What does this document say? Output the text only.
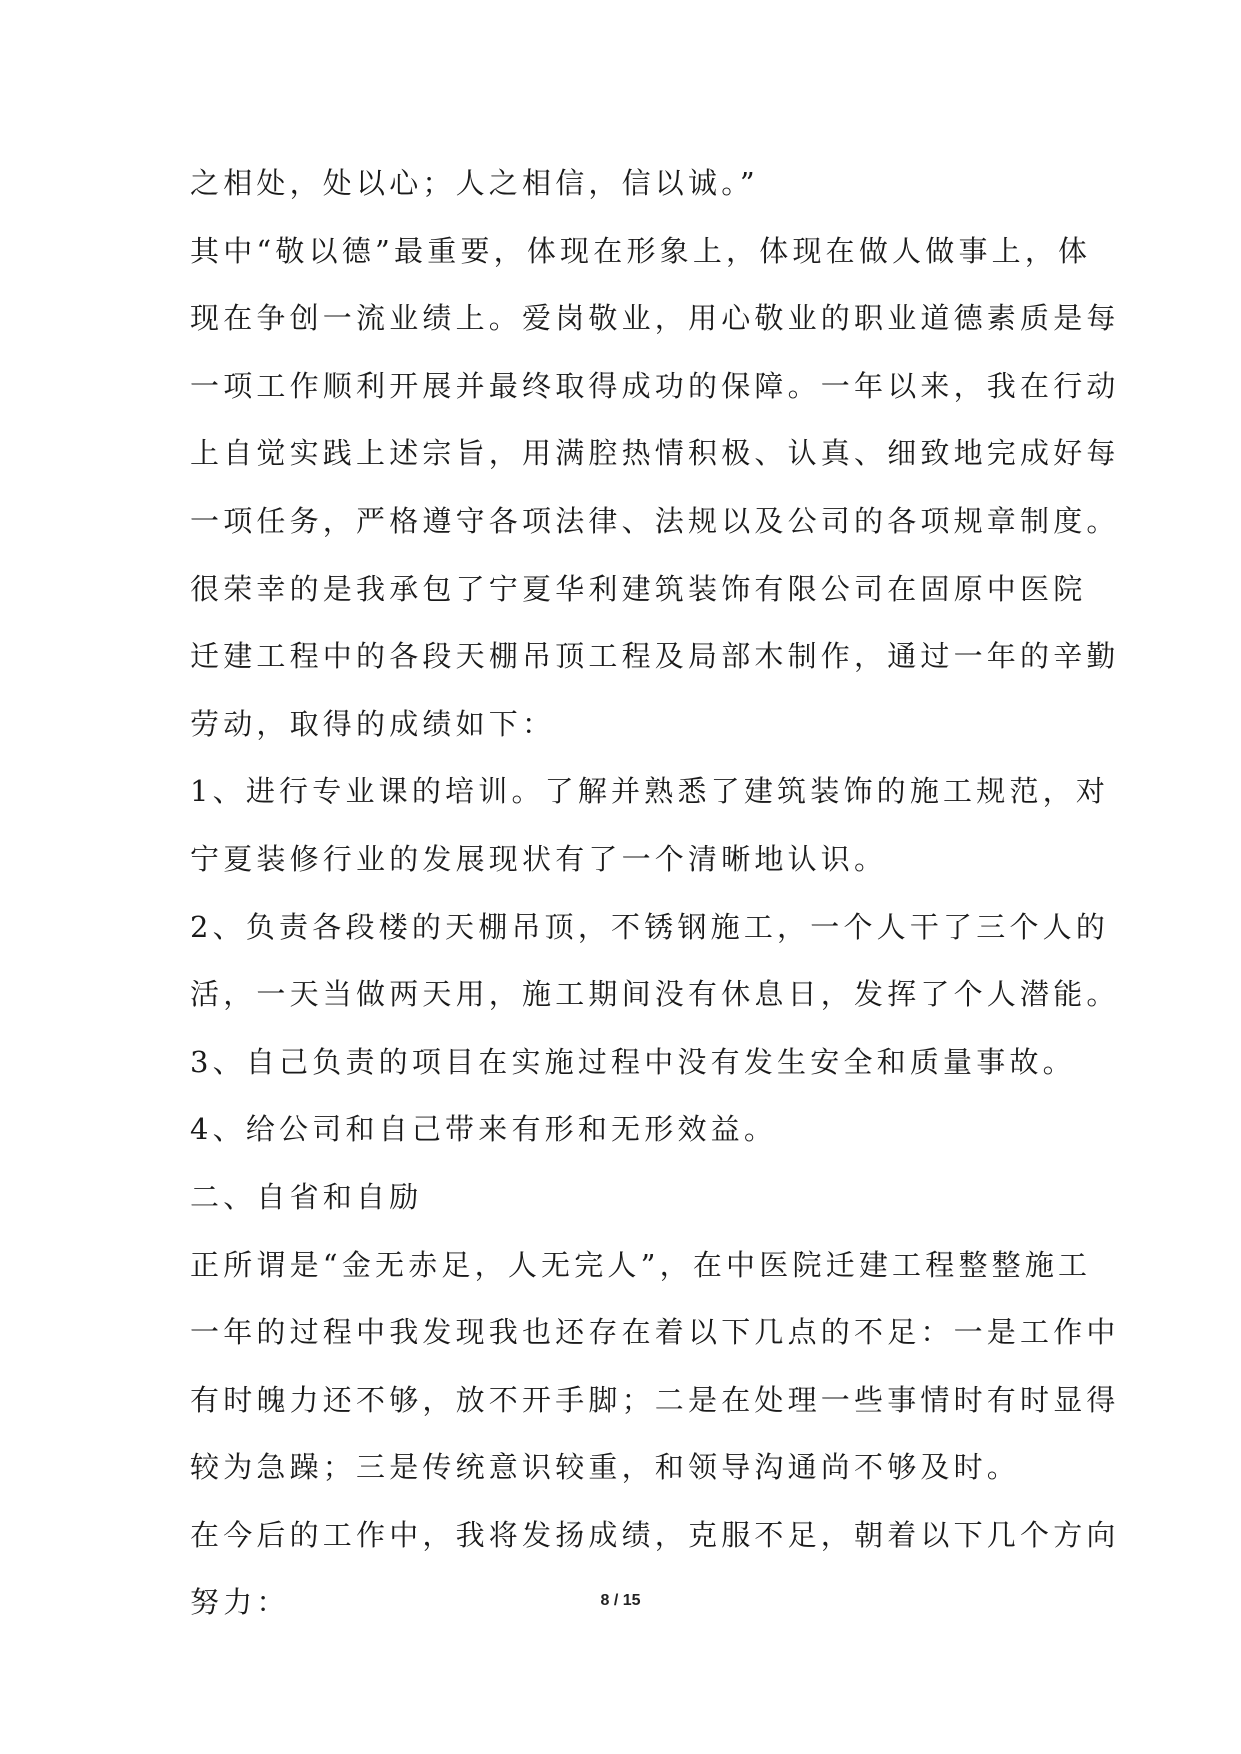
之相处，处以心；人之相信，信以诚。”
其中“敬以德”最重要，体现在形象上，体现在做人做事上，体
现在争创一流业绩上。爱岗敬业，用心敬业的职业道德素质是每
一项工作顺利开展并最终取得成功的保障。一年以来，我在行动
上自觉实践上述宗旨，用满腔热情积极、认真、细致地完成好每
一项任务，严格遵守各项法律、法规以及公司的各项规章制度。
很荣幸的是我承包了宁夏华利建筑装饰有限公司在固原中医院
迁建工程中的各段天棚吊顶工程及局部木制作，通过一年的辛勤
劳动，取得的成绩如下：
1、进行专业课的培训。了解并熟悉了建筑装饰的施工规范，对
宁夏装修行业的发展现状有了一个清晰地认识。
2、负责各段楼的天棚吊顶，不锈钢施工，一个人干了三个人的
活，一天当做两天用，施工期间没有休息日，发挥了个人潜能。
3、自己负责的项目在实施过程中没有发生安全和质量事故。
4、给公司和自己带来有形和无形效益。
二、自省和自励
正所谓是“金无赤足，人无完人”，在中医院迁建工程整整施工
一年的过程中我发现我也还存在着以下几点的不足：一是工作中
有时魄力还不够，放不开手脚；二是在处理一些事情时有时显得
较为急躁；三是传统意识较重，和领导沟通尚不够及时。
在今后的工作中，我将发扬成绩，克服不足，朝着以下几个方向
努力：	8 / 15
